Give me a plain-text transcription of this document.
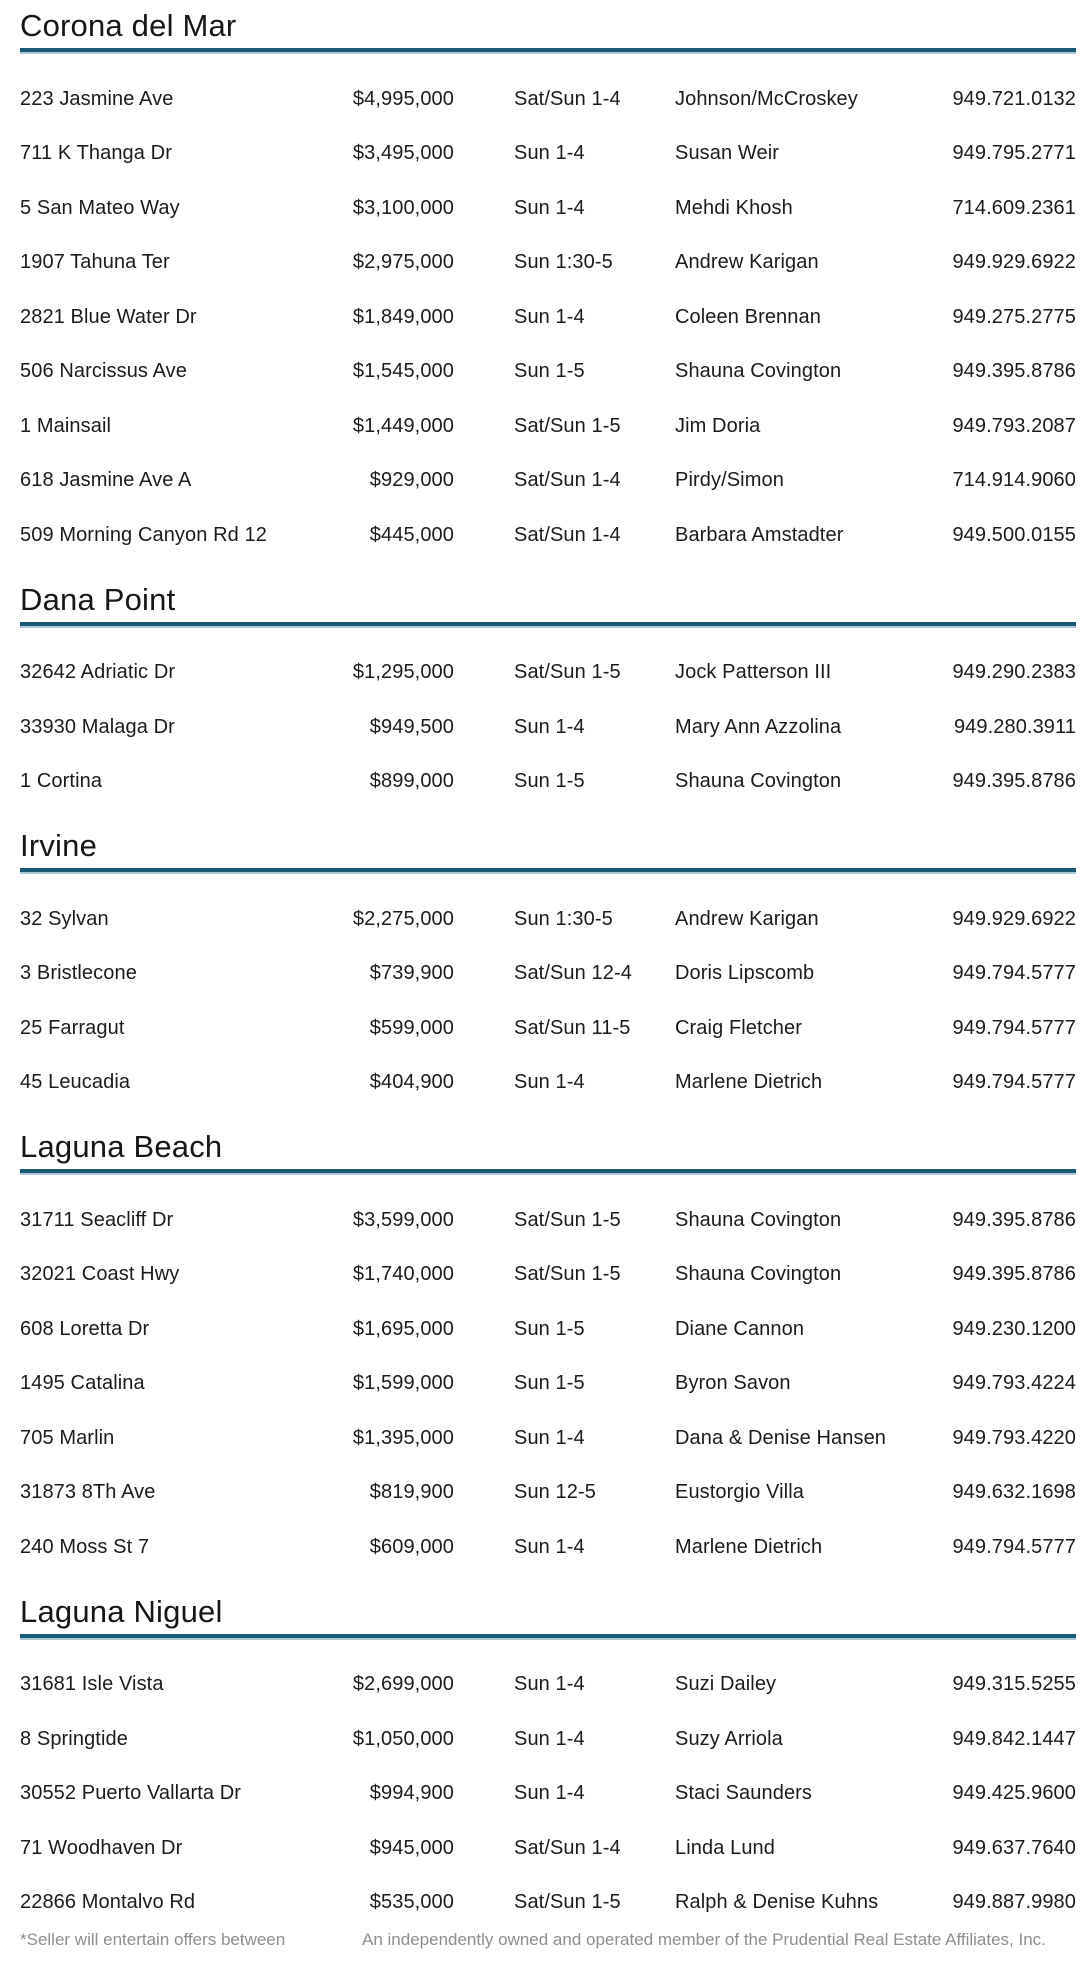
Corona del Mar
223 Jasmine Ave	$4,995,000	Sat/Sun 1-4	Johnson/McCroskey	949.721.0132
711 K Thanga Dr	$3,495,000	Sun 1-4	Susan Weir	949.795.2771
5 San Mateo Way	$3,100,000	Sun 1-4	Mehdi Khosh	714.609.2361
1907 Tahuna Ter	$2,975,000	Sun 1:30-5	Andrew Karigan	949.929.6922
2821 Blue Water Dr	$1,849,000	Sun 1-4	Coleen Brennan	949.275.2775
506 Narcissus Ave	$1,545,000	Sun 1-5	Shauna Covington	949.395.8786
1 Mainsail	$1,449,000	Sat/Sun 1-5	Jim Doria	949.793.2087
618 Jasmine Ave A	$929,000	Sat/Sun 1-4	Pirdy/Simon	714.914.9060
509 Morning Canyon Rd 12	$445,000	Sat/Sun 1-4	Barbara Amstadter	949.500.0155
Dana Point
32642 Adriatic Dr	$1,295,000	Sat/Sun 1-5	Jock Patterson III	949.290.2383
33930 Malaga Dr	$949,500	Sun 1-4	Mary Ann Azzolina	949.280.3911
1 Cortina	$899,000	Sun 1-5	Shauna Covington	949.395.8786
Irvine
32 Sylvan	$2,275,000	Sun 1:30-5	Andrew Karigan	949.929.6922
3 Bristlecone	$739,900	Sat/Sun 12-4	Doris Lipscomb	949.794.5777
25 Farragut	$599,000	Sat/Sun 11-5	Craig Fletcher	949.794.5777
45 Leucadia	$404,900	Sun 1-4	Marlene Dietrich	949.794.5777
Laguna Beach
31711 Seacliff Dr	$3,599,000	Sat/Sun 1-5	Shauna Covington	949.395.8786
32021 Coast Hwy	$1,740,000	Sat/Sun 1-5	Shauna Covington	949.395.8786
608 Loretta Dr	$1,695,000	Sun 1-5	Diane Cannon	949.230.1200
1495 Catalina	$1,599,000	Sun 1-5	Byron Savon	949.793.4224
705 Marlin	$1,395,000	Sun 1-4	Dana & Denise Hansen	949.793.4220
31873 8Th Ave	$819,900	Sun 12-5	Eustorgio Villa	949.632.1698
240 Moss St 7	$609,000	Sun 1-4	Marlene Dietrich	949.794.5777
Laguna Niguel
31681 Isle Vista	$2,699,000	Sun 1-4	Suzi Dailey	949.315.5255
8 Springtide	$1,050,000	Sun 1-4	Suzy Arriola	949.842.1447
30552 Puerto Vallarta Dr	$994,900	Sun 1-4	Staci Saunders	949.425.9600
71 Woodhaven Dr	$945,000	Sat/Sun 1-4	Linda Lund	949.637.7640
22866 Montalvo Rd	$535,000	Sat/Sun 1-5	Ralph & Denise Kuhns	949.887.9980
*Seller will entertain offers between	An independently owned and operated member of the Prudential Real Estate Affiliates, Inc.
